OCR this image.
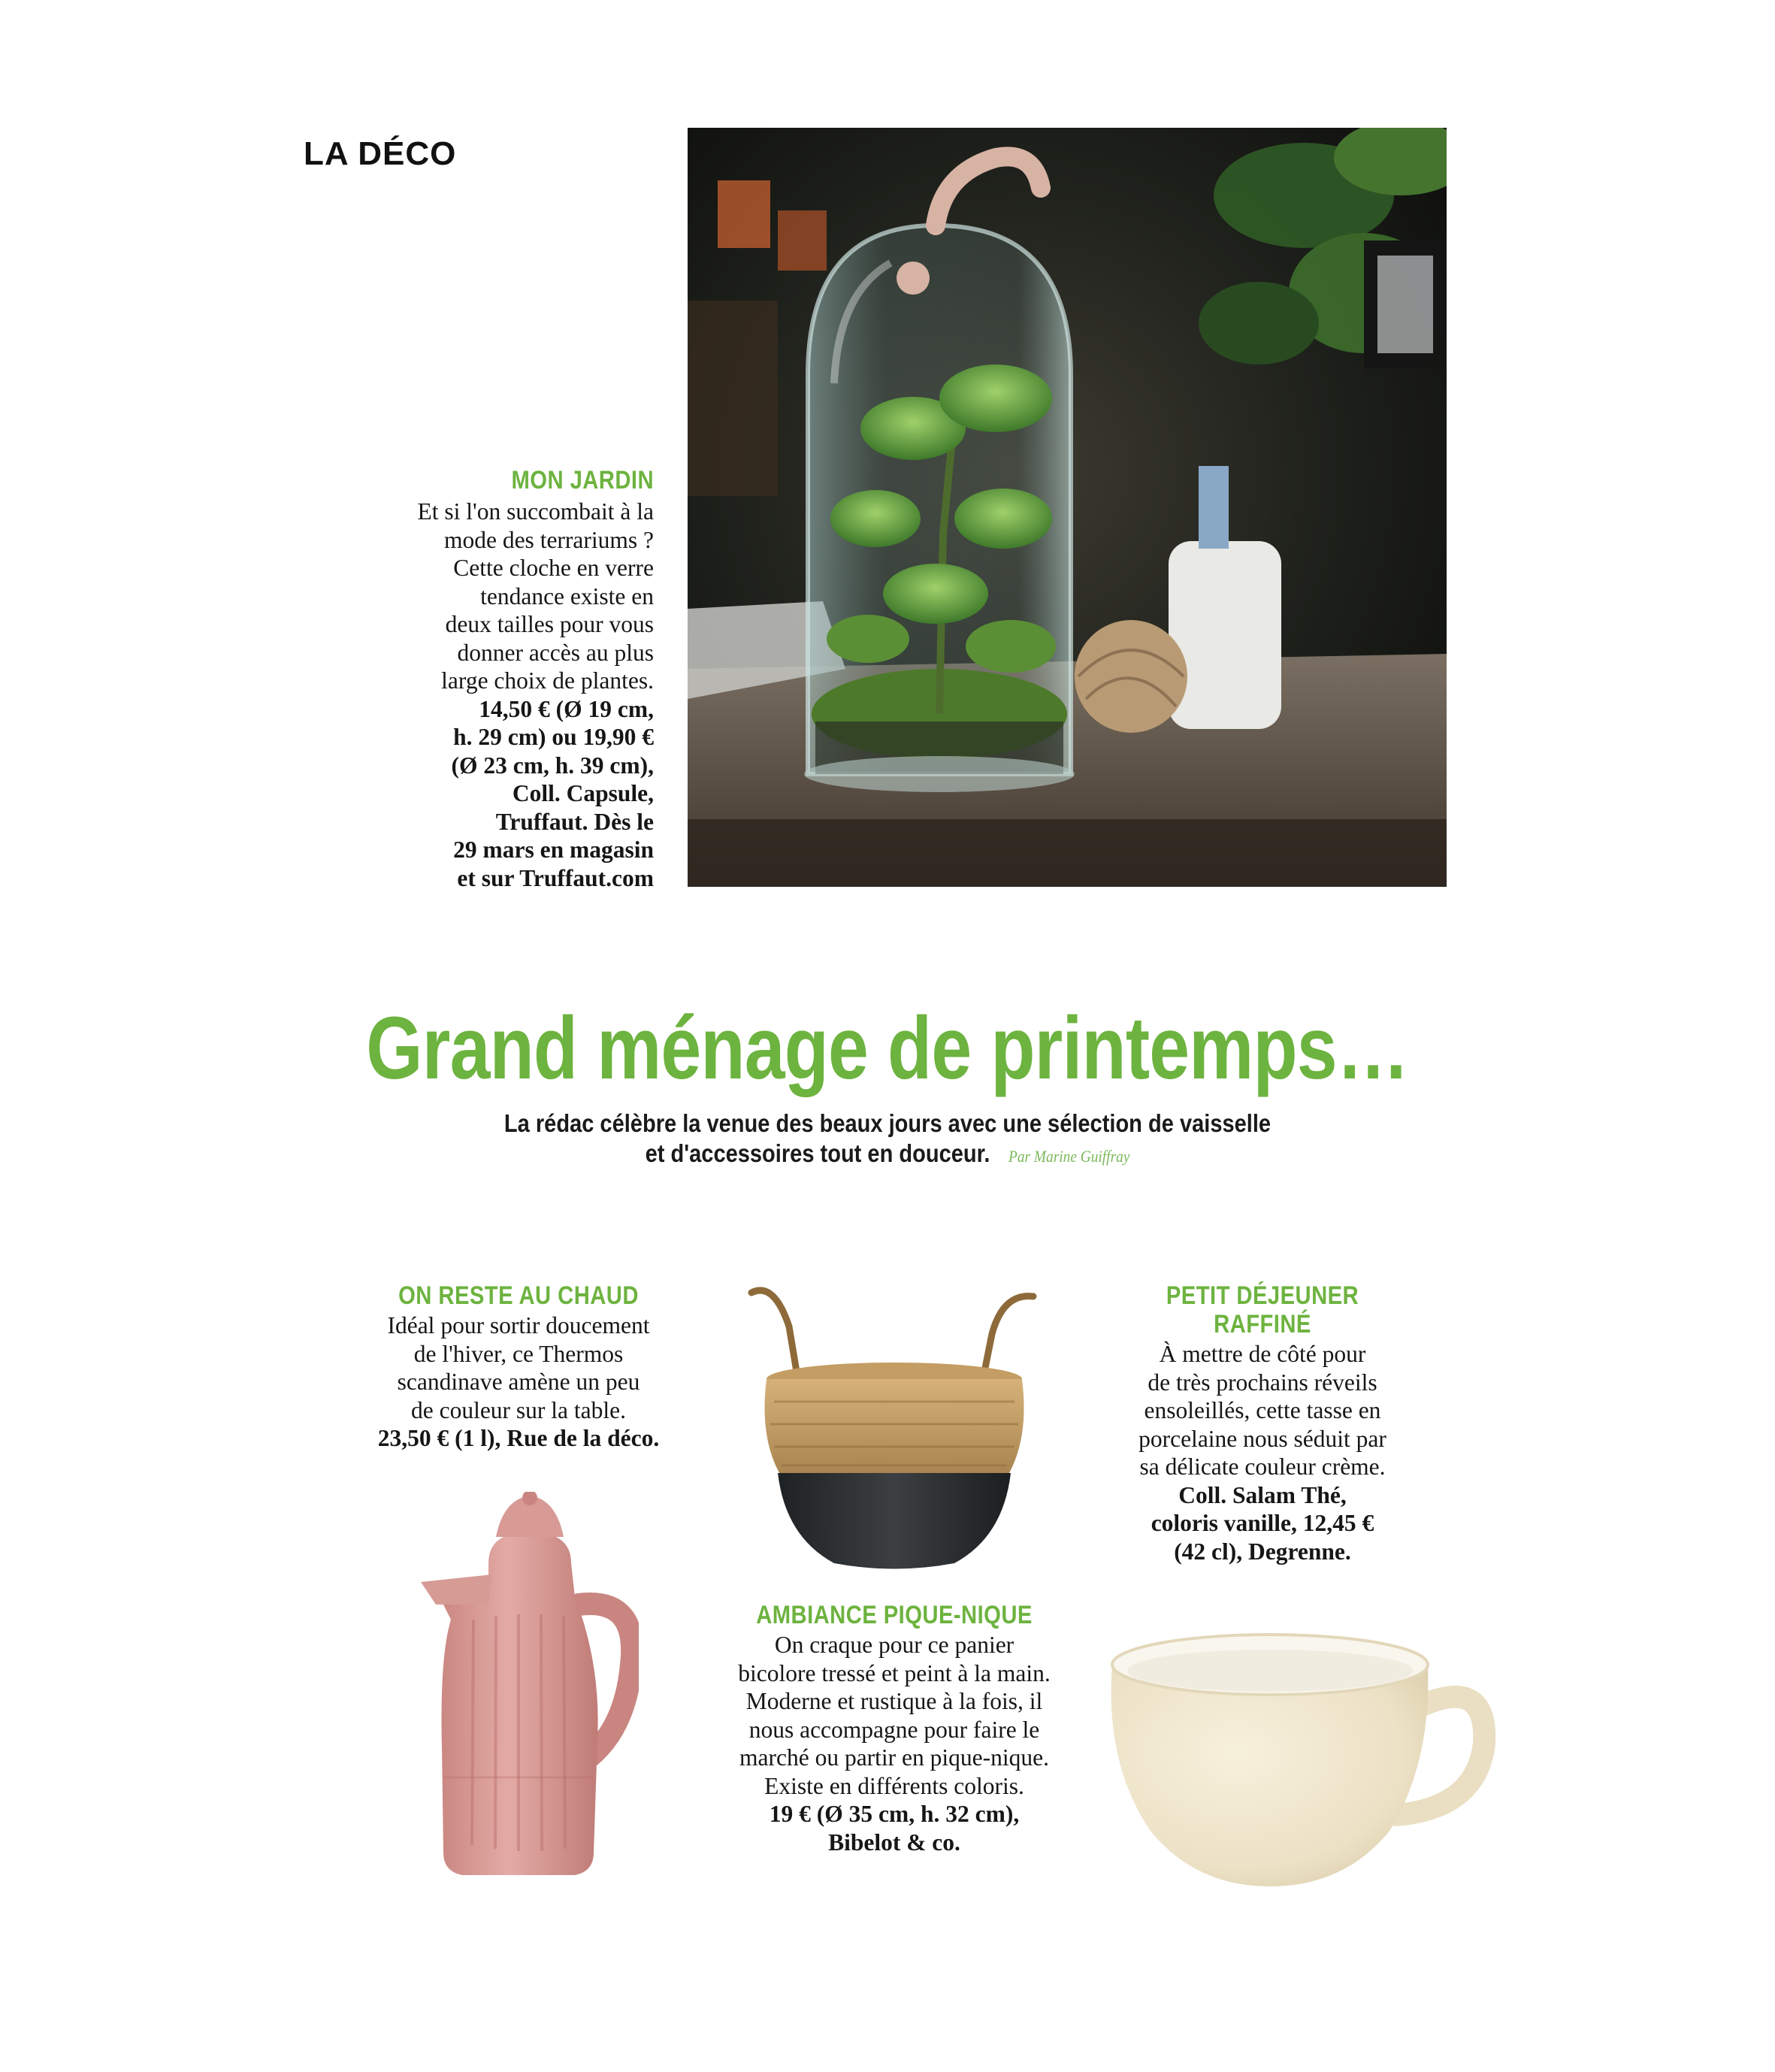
LA DÉCO
MON JARDIN
Et si l'on succombait à la
mode des terrariums ?
Cette cloche en verre
tendance existe en
deux tailles pour vous
donner accès au plus
large choix de plantes.
14,50 € (Ø 19 cm,
h. 29 cm) ou 19,90 €
(Ø 23 cm, h. 39 cm),
Coll. Capsule,
Truffaut. Dès le
29 mars en magasin
et sur Truffaut.com
Grand ménage de printemps…
La rédac célèbre la venue des beaux jours avec une sélection de vaisselle
et d'accessoires tout en douceur. Par Marine Guiffray
ON RESTE AU CHAUD
Idéal pour sortir doucement
de l'hiver, ce Thermos
scandinave amène un peu
de couleur sur la table.
23,50 € (1 l), Rue de la déco.
AMBIANCE PIQUE-NIQUE
On craque pour ce panier
bicolore tressé et peint à la main.
Moderne et rustique à la fois, il
nous accompagne pour faire le
marché ou partir en pique-nique.
Existe en différents coloris.
19 € (Ø 35 cm, h. 32 cm),
Bibelot & co.
PETIT DÉJEUNER
RAFFINÉ
À mettre de côté pour
de très prochains réveils
ensoleillés, cette tasse en
porcelaine nous séduit par
sa délicate couleur crème.
Coll. Salam Thé,
coloris vanille, 12,45 €
(42 cl), Degrenne.
